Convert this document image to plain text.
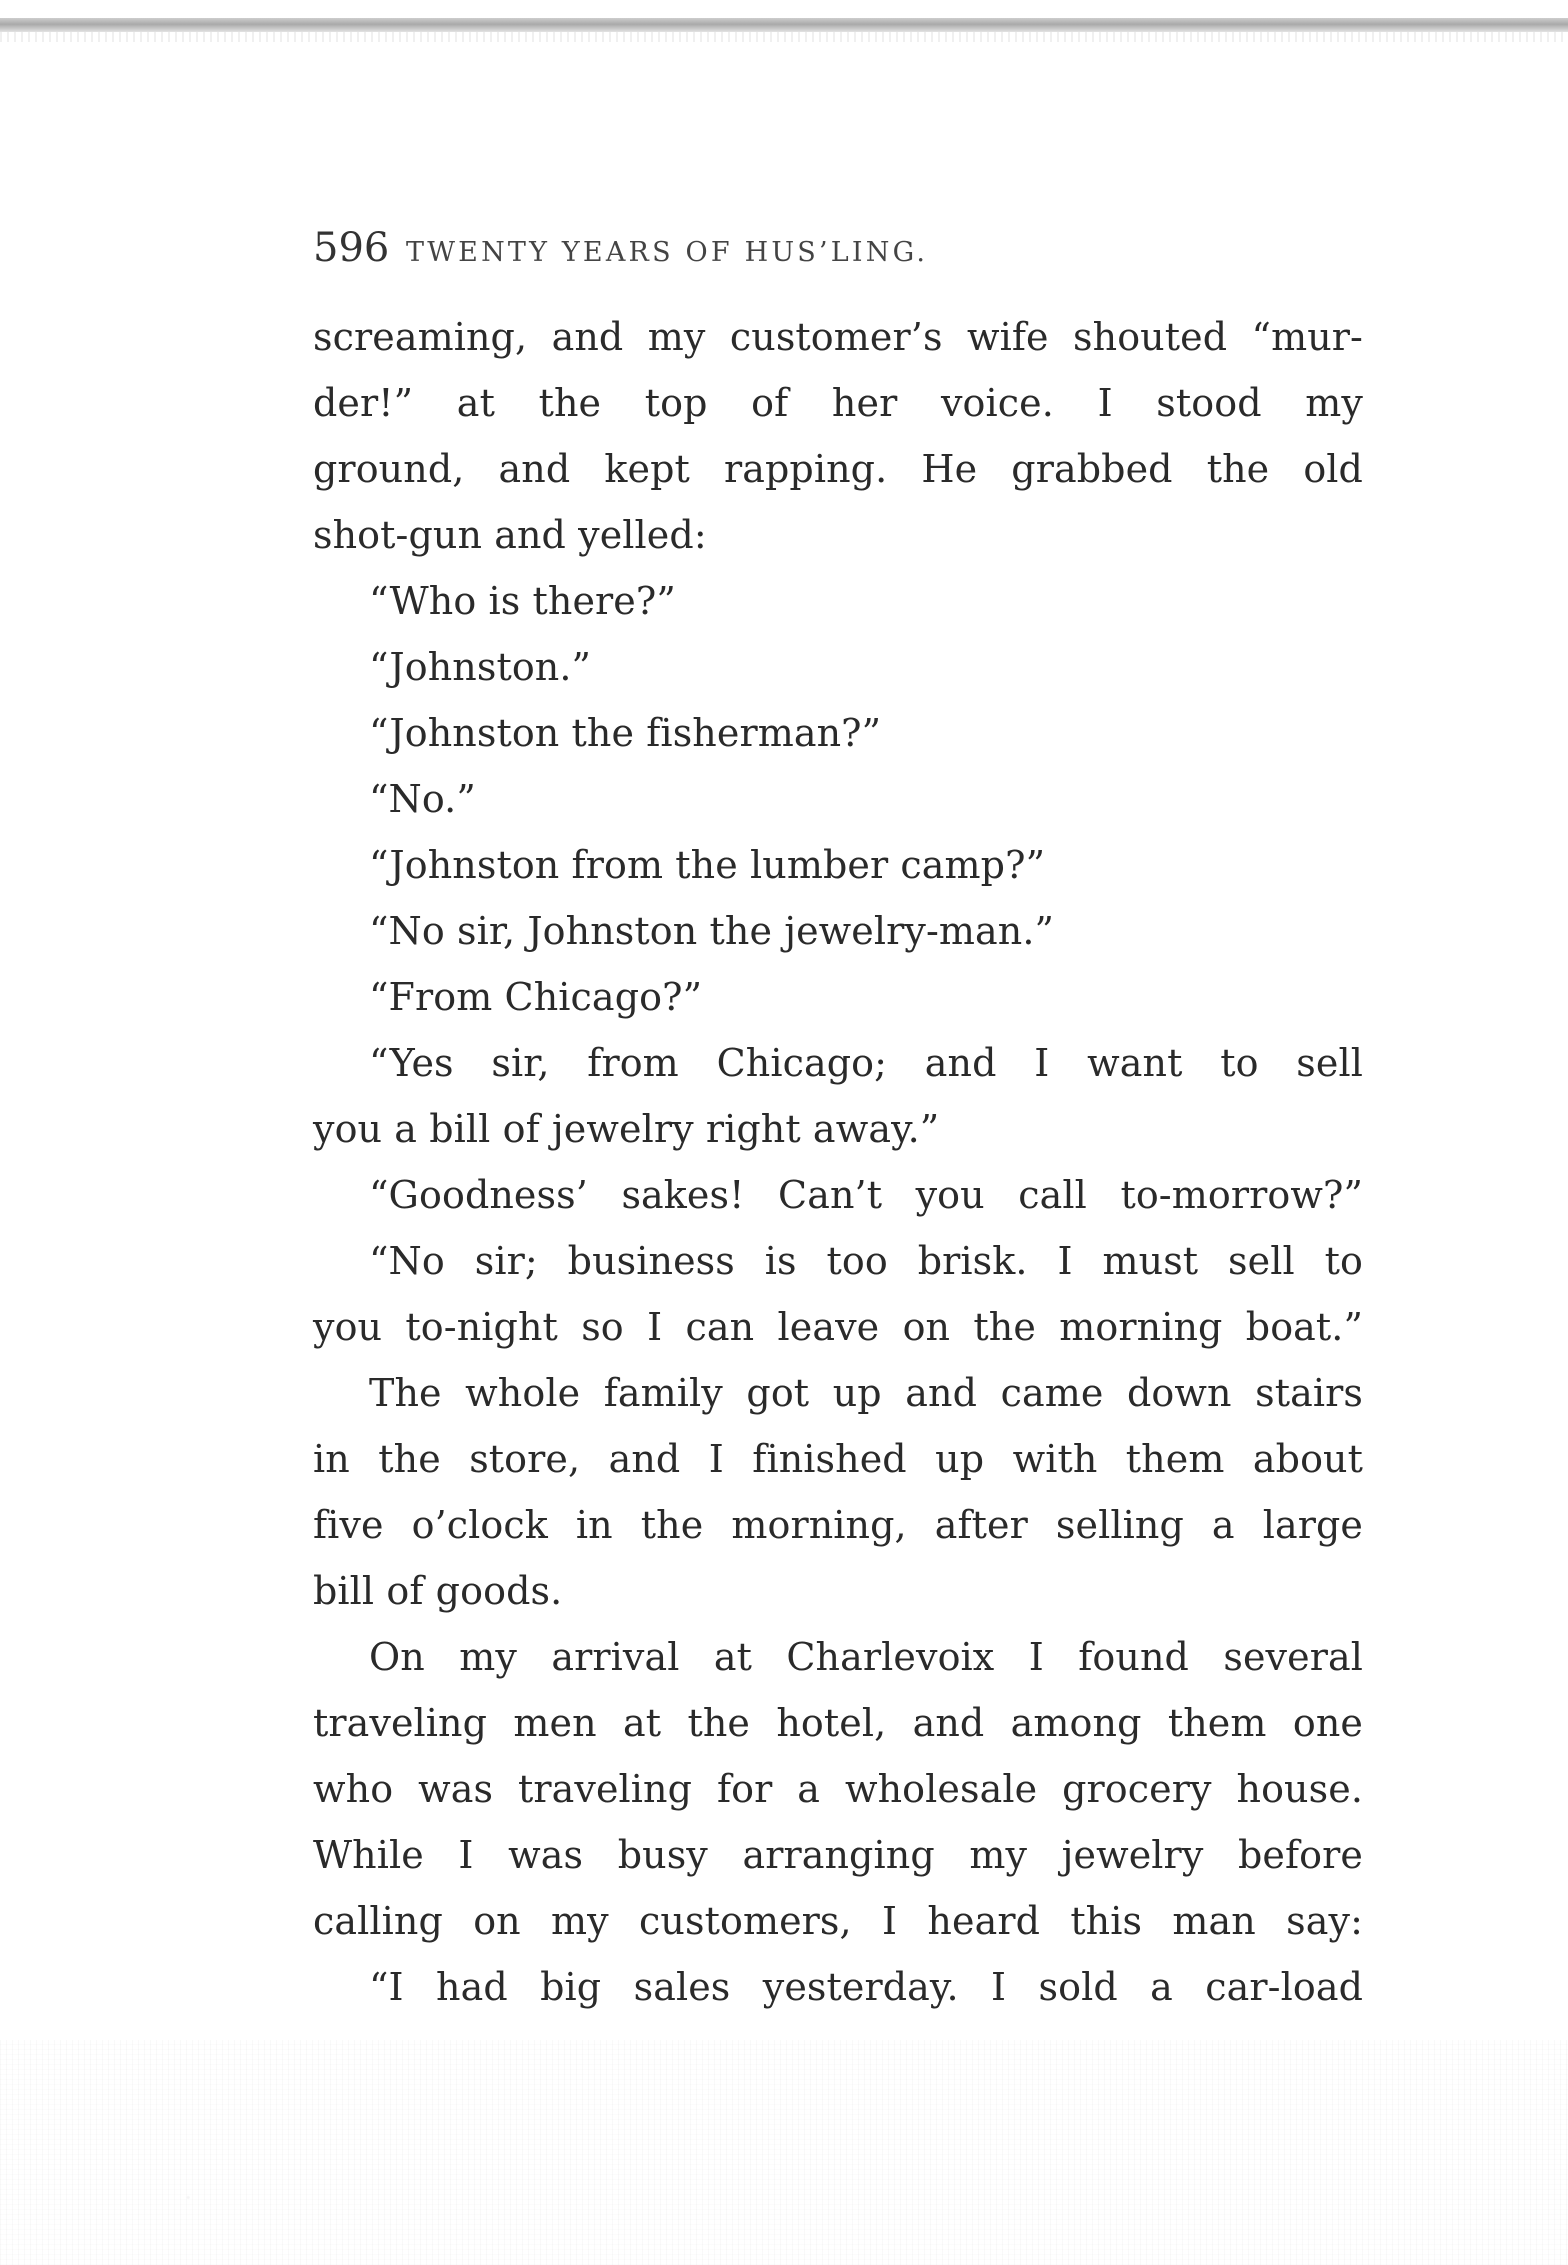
596 TWENTY YEARS OF HUS’LING.
screaming, and my customer’s wife shouted “mur-
der!” at the top of her voice. I stood my
ground, and kept rapping. He grabbed the old
shot-gun and yelled:
“Who is there?”
“Johnston.”
“Johnston the fisherman?”
“No.”
“Johnston from the lumber camp?”
“No sir, Johnston the jewelry-man.”
“From Chicago?”
“Yes sir, from Chicago; and I want to sell
you a bill of jewelry right away.”
“Goodness’ sakes! Can’t you call to-morrow?”
“No sir; business is too brisk. I must sell to
you to-night so I can leave on the morning boat.”
The whole family got up and came down stairs
in the store, and I finished up with them about
five o’clock in the morning, after selling a large
bill of goods.
On my arrival at Charlevoix I found several
traveling men at the hotel, and among them one
who was traveling for a wholesale grocery house.
While I was busy arranging my jewelry before
calling on my customers, I heard this man say:
“I had big sales yesterday. I sold a car-load
